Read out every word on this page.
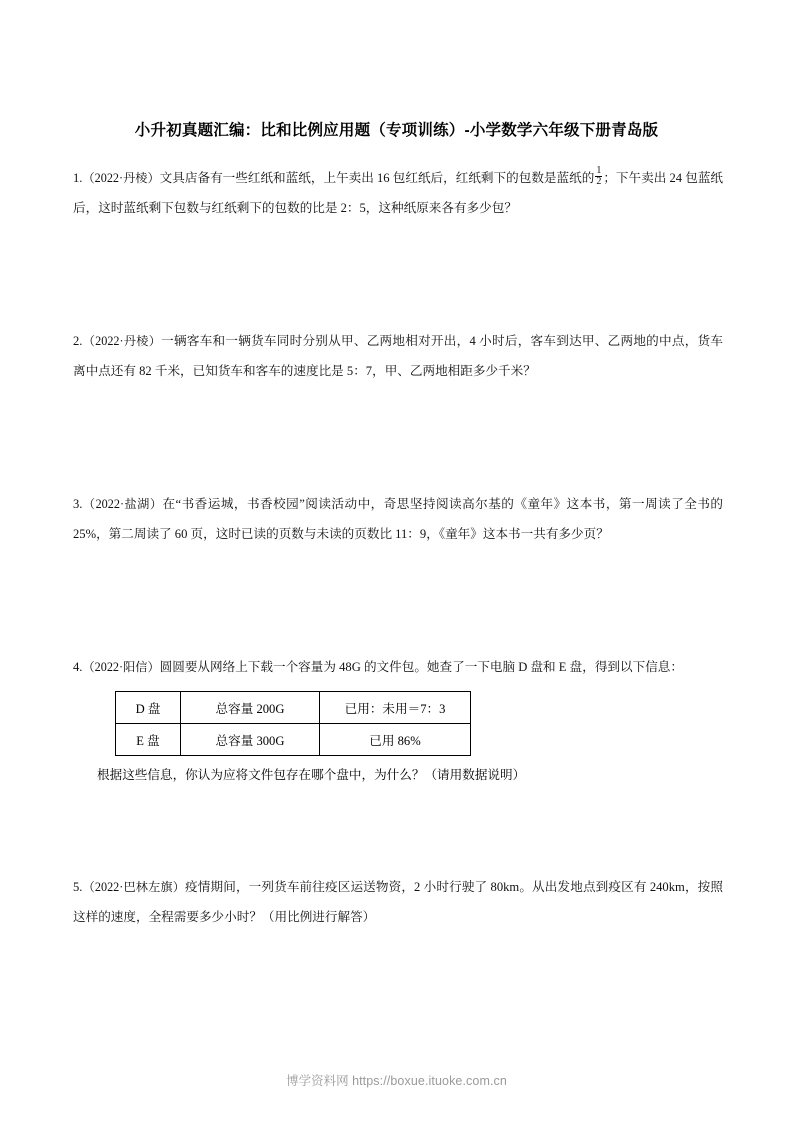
小升初真题汇编：比和比例应用题（专项训练）-小学数学六年级下册青岛版
1.（2022·丹棱）文具店备有一些红纸和蓝纸，上午卖出 16 包红纸后，红纸剩下的包数是蓝纸的 $\frac{1}{2}$ ；下午卖出 24 包蓝纸后，这时蓝纸剩下包数与红纸剩下的包数的比是 2：5，这种纸原来各有多少包？
2.（2022·丹棱）一辆客车和一辆货车同时分别从甲、乙两地相对开出，4 小时后，客车到达甲、乙两地的中点，货车离中点还有 82 千米，已知货车和客车的速度比是 5：7，甲、乙两地相距多少千米？
3.（2022·盐湖）在“书香运城，书香校园”阅读活动中，奇思坚持阅读高尔基的《童年》这本书，第一周读了全书的 25%，第二周读了 60 页，这时已读的页数与未读的页数比 11：9，《童年》这本书一共有多少页？
4.（2022·阳信）圆圆要从网络上下载一个容量为 48G 的文件包。她查了一下电脑 D 盘和 E 盘，得到以下信息：
D 盘	总容量 200G	已用：未用＝7：3
E 盘	总容量 300G	已用 86%
根据这些信息，你认为应将文件包存在哪个盘中，为什么？（请用数据说明）
5.（2022·巴林左旗）疫情期间，一列货车前往疫区运送物资，2 小时行驶了 80km。从出发地点到疫区有 240km，按照这样的速度，全程需要多少小时？（用比例进行解答）
博学资料网 https://boxue.ituoke.com.cn
